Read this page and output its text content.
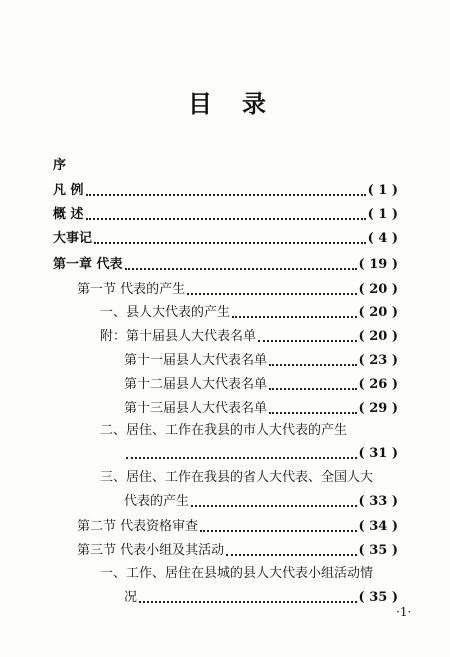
目 录
序
凡 例	( 1 )
概 述	( 1 )
大事记	( 4 )
第一章 代表	( 19 )
第一节 代表的产生	( 20 )
一、县人大代表的产生	( 20 )
附：第十届县人大代表名单	( 20 )
第十一届县人大代表名单	( 23 )
第十二届县人大代表名单	( 26 )
第十三届县人大代表名单	( 29 )
二、居住、工作在我县的市人大代表的产生
( 31 )
三、居住、工作在我县的省人大代表、全国人大
代表的产生	( 33 )
第二节 代表资格审查	( 34 )
第三节 代表小组及其活动	( 35 )
一、工作、居住在县城的县人大代表小组活动情
况	( 35 )
·1·
